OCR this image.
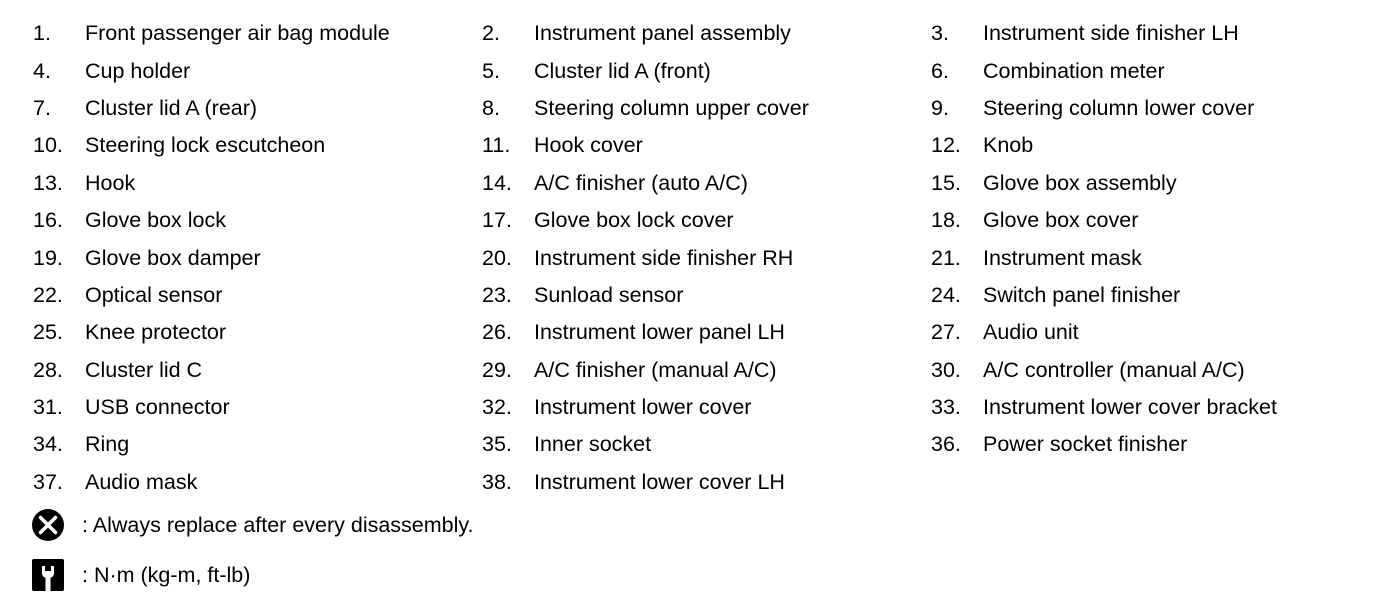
1.	Front passenger air bag module	2.	Instrument panel assembly	3.	Instrument side finisher LH
4.	Cup holder	5.	Cluster lid A (front)	6.	Combination meter
7.	Cluster lid A (rear)	8.	Steering column upper cover	9.	Steering column lower cover
10.	Steering lock escutcheon	11.	Hook cover	12.	Knob
13.	Hook	14.	A/C finisher (auto A/C)	15.	Glove box assembly
16.	Glove box lock	17.	Glove box lock cover	18.	Glove box cover
19.	Glove box damper	20.	Instrument side finisher RH	21.	Instrument mask
22.	Optical sensor	23.	Sunload sensor	24.	Switch panel finisher
25.	Knee protector	26.	Instrument lower panel LH	27.	Audio unit
28.	Cluster lid C	29.	A/C finisher (manual A/C)	30.	A/C controller (manual A/C)
31.	USB connector	32.	Instrument lower cover	33.	Instrument lower cover bracket
34.	Ring	35.	Inner socket	36.	Power socket finisher
37.	Audio mask	38.	Instrument lower cover LH
: Always replace after every disassembly.
: N·m (kg-m, ft-lb)
